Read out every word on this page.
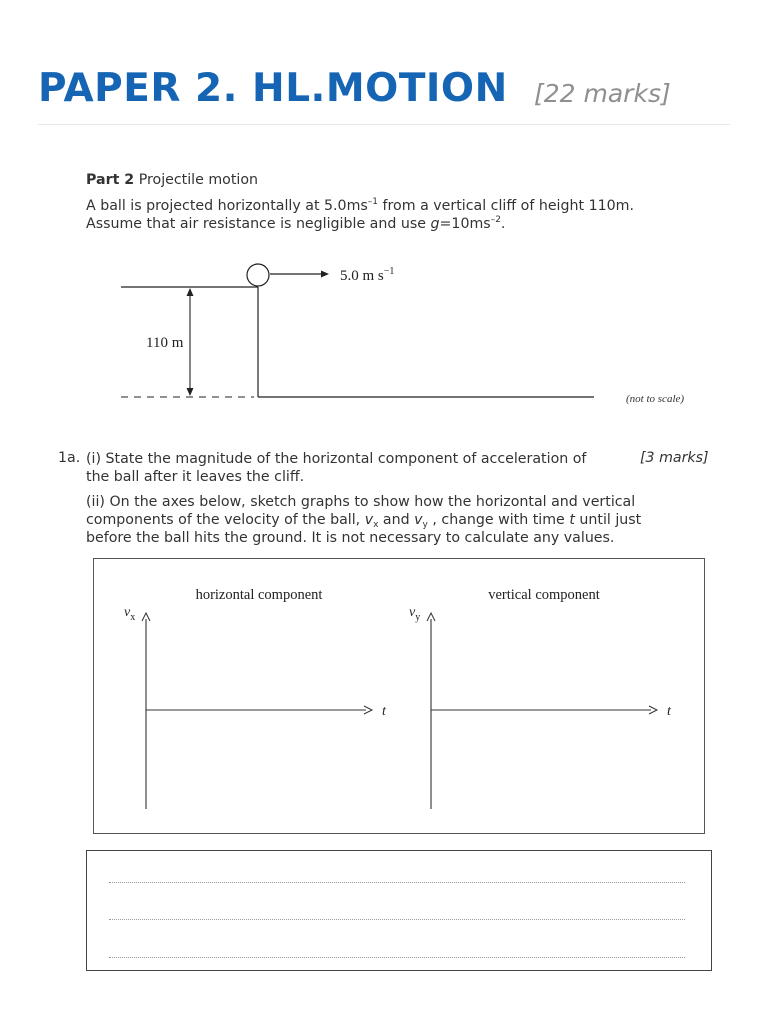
PAPER 2. HL.MOTION [22 marks]
Part 2 Projectile motion
A ball is projected horizontally at $5.0ms^{-1}$ from a vertical cliff of height 110m.
Assume that air resistance is negligible and use $g=10ms^{-2}$.
5.0 m $s^{-1}$
110 m
(not to scale)
1a.	[3 marks]
(i) State the magnitude of the horizontal component of acceleration of
the ball after it leaves the cliff.
(ii) On the axes below, sketch graphs to show how the horizontal and vertical
components of the velocity of the ball, $v_x$ and $v_y$ , change with time t until just
before the ball hits the ground. It is not necessary to calculate any values.
horizontal component
$v_x$
t
vertical component
$v_y$
t
